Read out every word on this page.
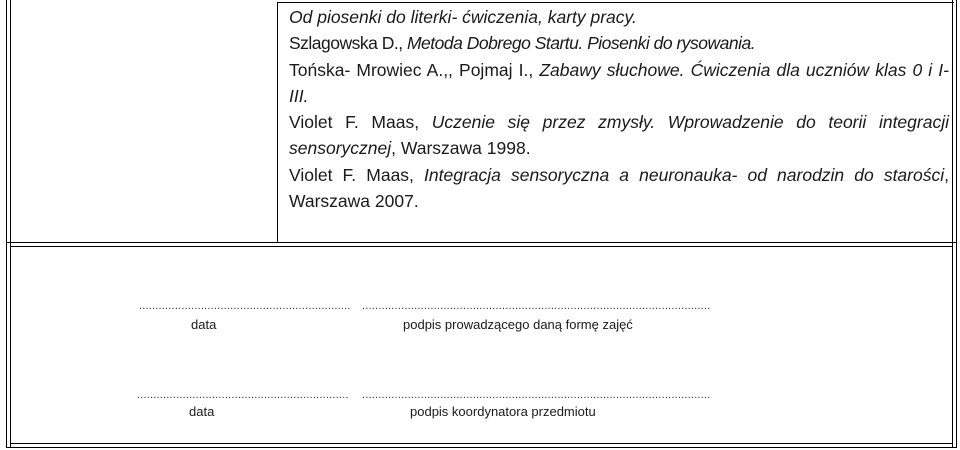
Od piosenki do literki- ćwiczenia, karty pracy.

Szlagowska D., Metoda Dobrego Startu. Piosenki do rysowania.

Tońska- Mrowiec A.,, Pojmaj I., Zabawy słuchowe. Ćwiczenia dla uczniów klas 0 i I- III.

Violet F. Maas, Uczenie się przez zmysły. Wprowadzenie do teorii integracji sensorycznej, Warszawa 1998.

Violet F. Maas, Integracja sensoryczna a neuronauka- od narodzin do starości, Warszawa 2007.

................................................................. ...........................................................................................................
data	podpis prowadzącego daną formę zajęć
................................................................. ...........................................................................................................
data	podpis koordynatora przedmiotu
